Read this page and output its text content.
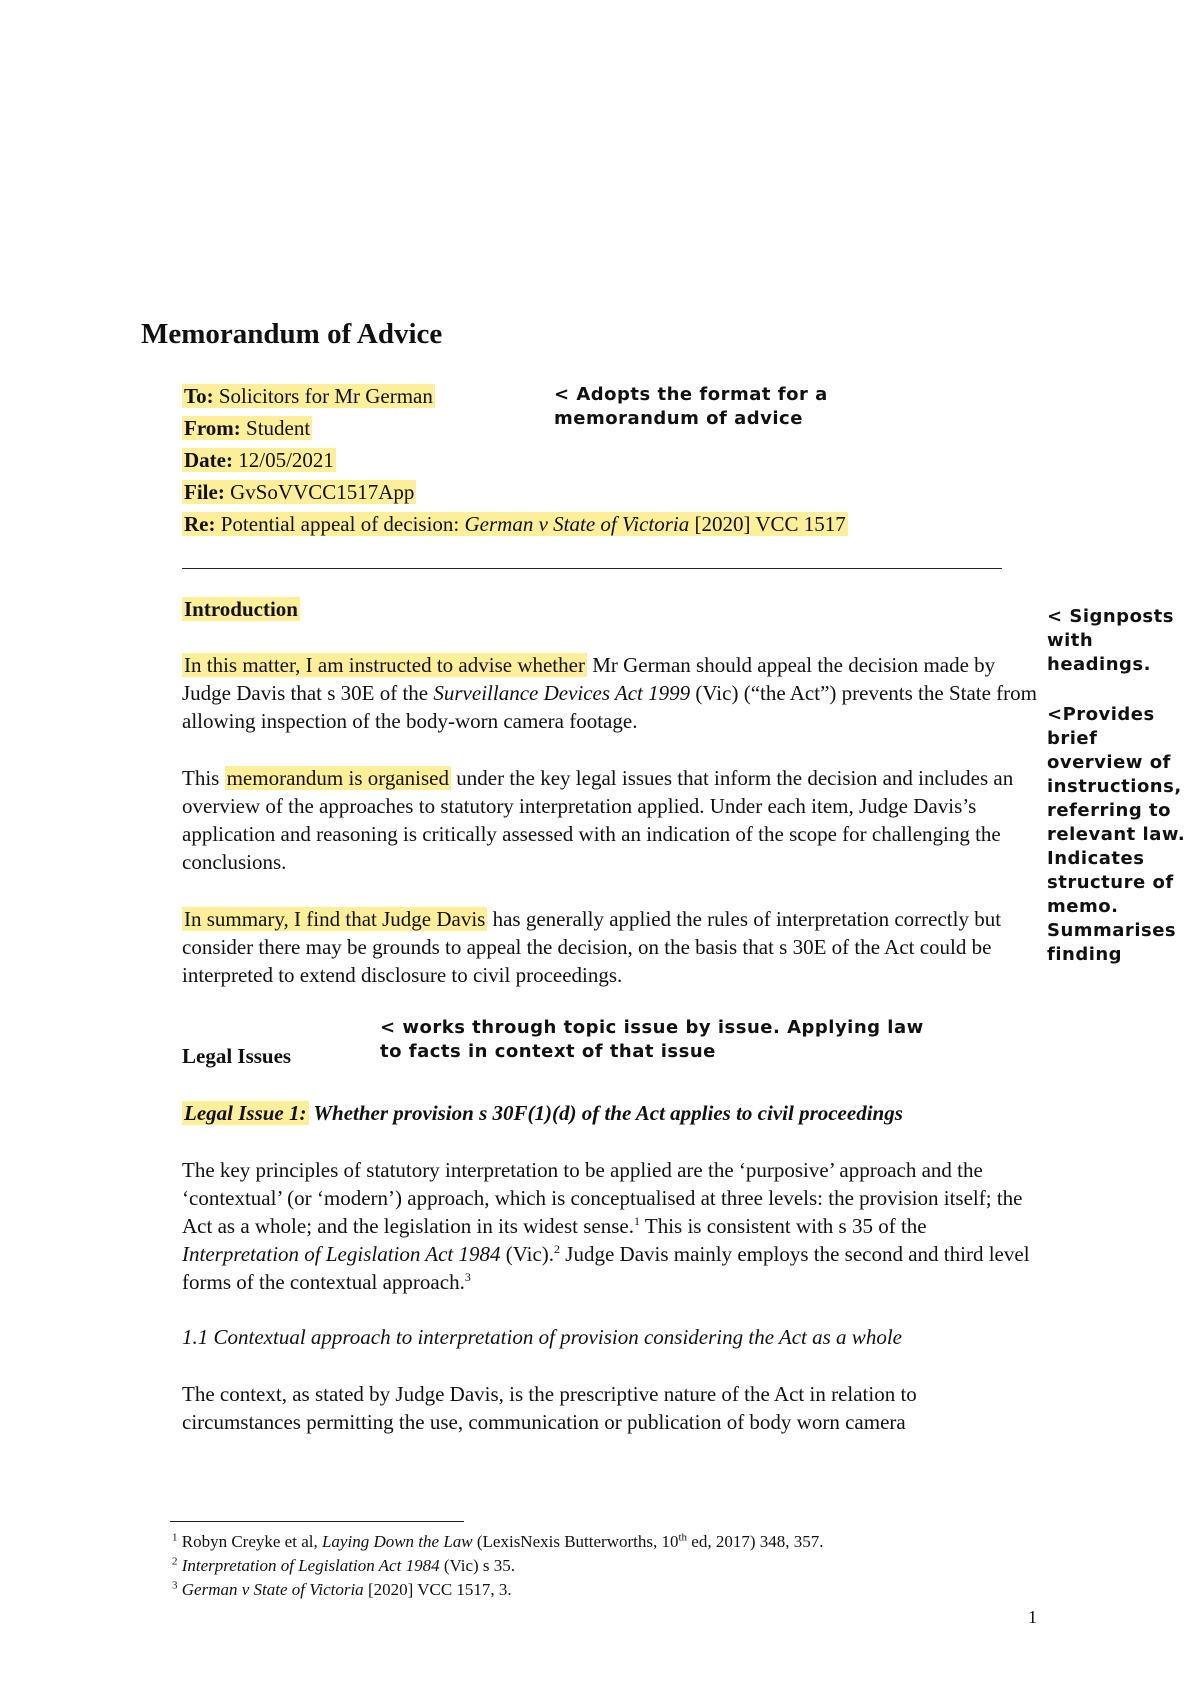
Memorandum of Advice
To: Solicitors for Mr German
From: Student
Date: 12/05/2021
File: GvSoVVCC1517App
Re: Potential appeal of decision: German v State of Victoria [2020] VCC 1517
< Adopts the format for a memorandum of advice
Introduction
In this matter, I am instructed to advise whether Mr German should appeal the decision made by Judge Davis that s 30E of the Surveillance Devices Act 1999 (Vic) (“the Act”) prevents the State from allowing inspection of the body-worn camera footage.
This memorandum is organised under the key legal issues that inform the decision and includes an overview of the approaches to statutory interpretation applied. Under each item, Judge Davis’s application and reasoning is critically assessed with an indication of the scope for challenging the conclusions.
In summary, I find that Judge Davis has generally applied the rules of interpretation correctly but consider there may be grounds to appeal the decision, on the basis that s 30E of the Act could be interpreted to extend disclosure to civil proceedings.
< Signposts with headings.
<Provides brief overview of instructions, referring to relevant law. Indicates structure of memo. Summarises finding
Legal Issues
< works through topic issue by issue. Applying law to facts in context of that issue
Legal Issue 1: Whether provision s 30F(1)(d) of the Act applies to civil proceedings
The key principles of statutory interpretation to be applied are the ‘purposive’ approach and the ‘contextual’ (or ‘modern’) approach, which is conceptualised at three levels: the provision itself; the Act as a whole; and the legislation in its widest sense.$^1$ This is consistent with s 35 of the Interpretation of Legislation Act 1984 (Vic).$^2$ Judge Davis mainly employs the second and third level forms of the contextual approach.$^3$
1.1 Contextual approach to interpretation of provision considering the Act as a whole
The context, as stated by Judge Davis, is the prescriptive nature of the Act in relation to circumstances permitting the use, communication or publication of body worn camera
$^1$ Robyn Creyke et al, Laying Down the Law (LexisNexis Butterworths, 10th ed, 2017) 348, 357.
$^2$ Interpretation of Legislation Act 1984 (Vic) s 35.
$^3$ German v State of Victoria [2020] VCC 1517, 3.
1
